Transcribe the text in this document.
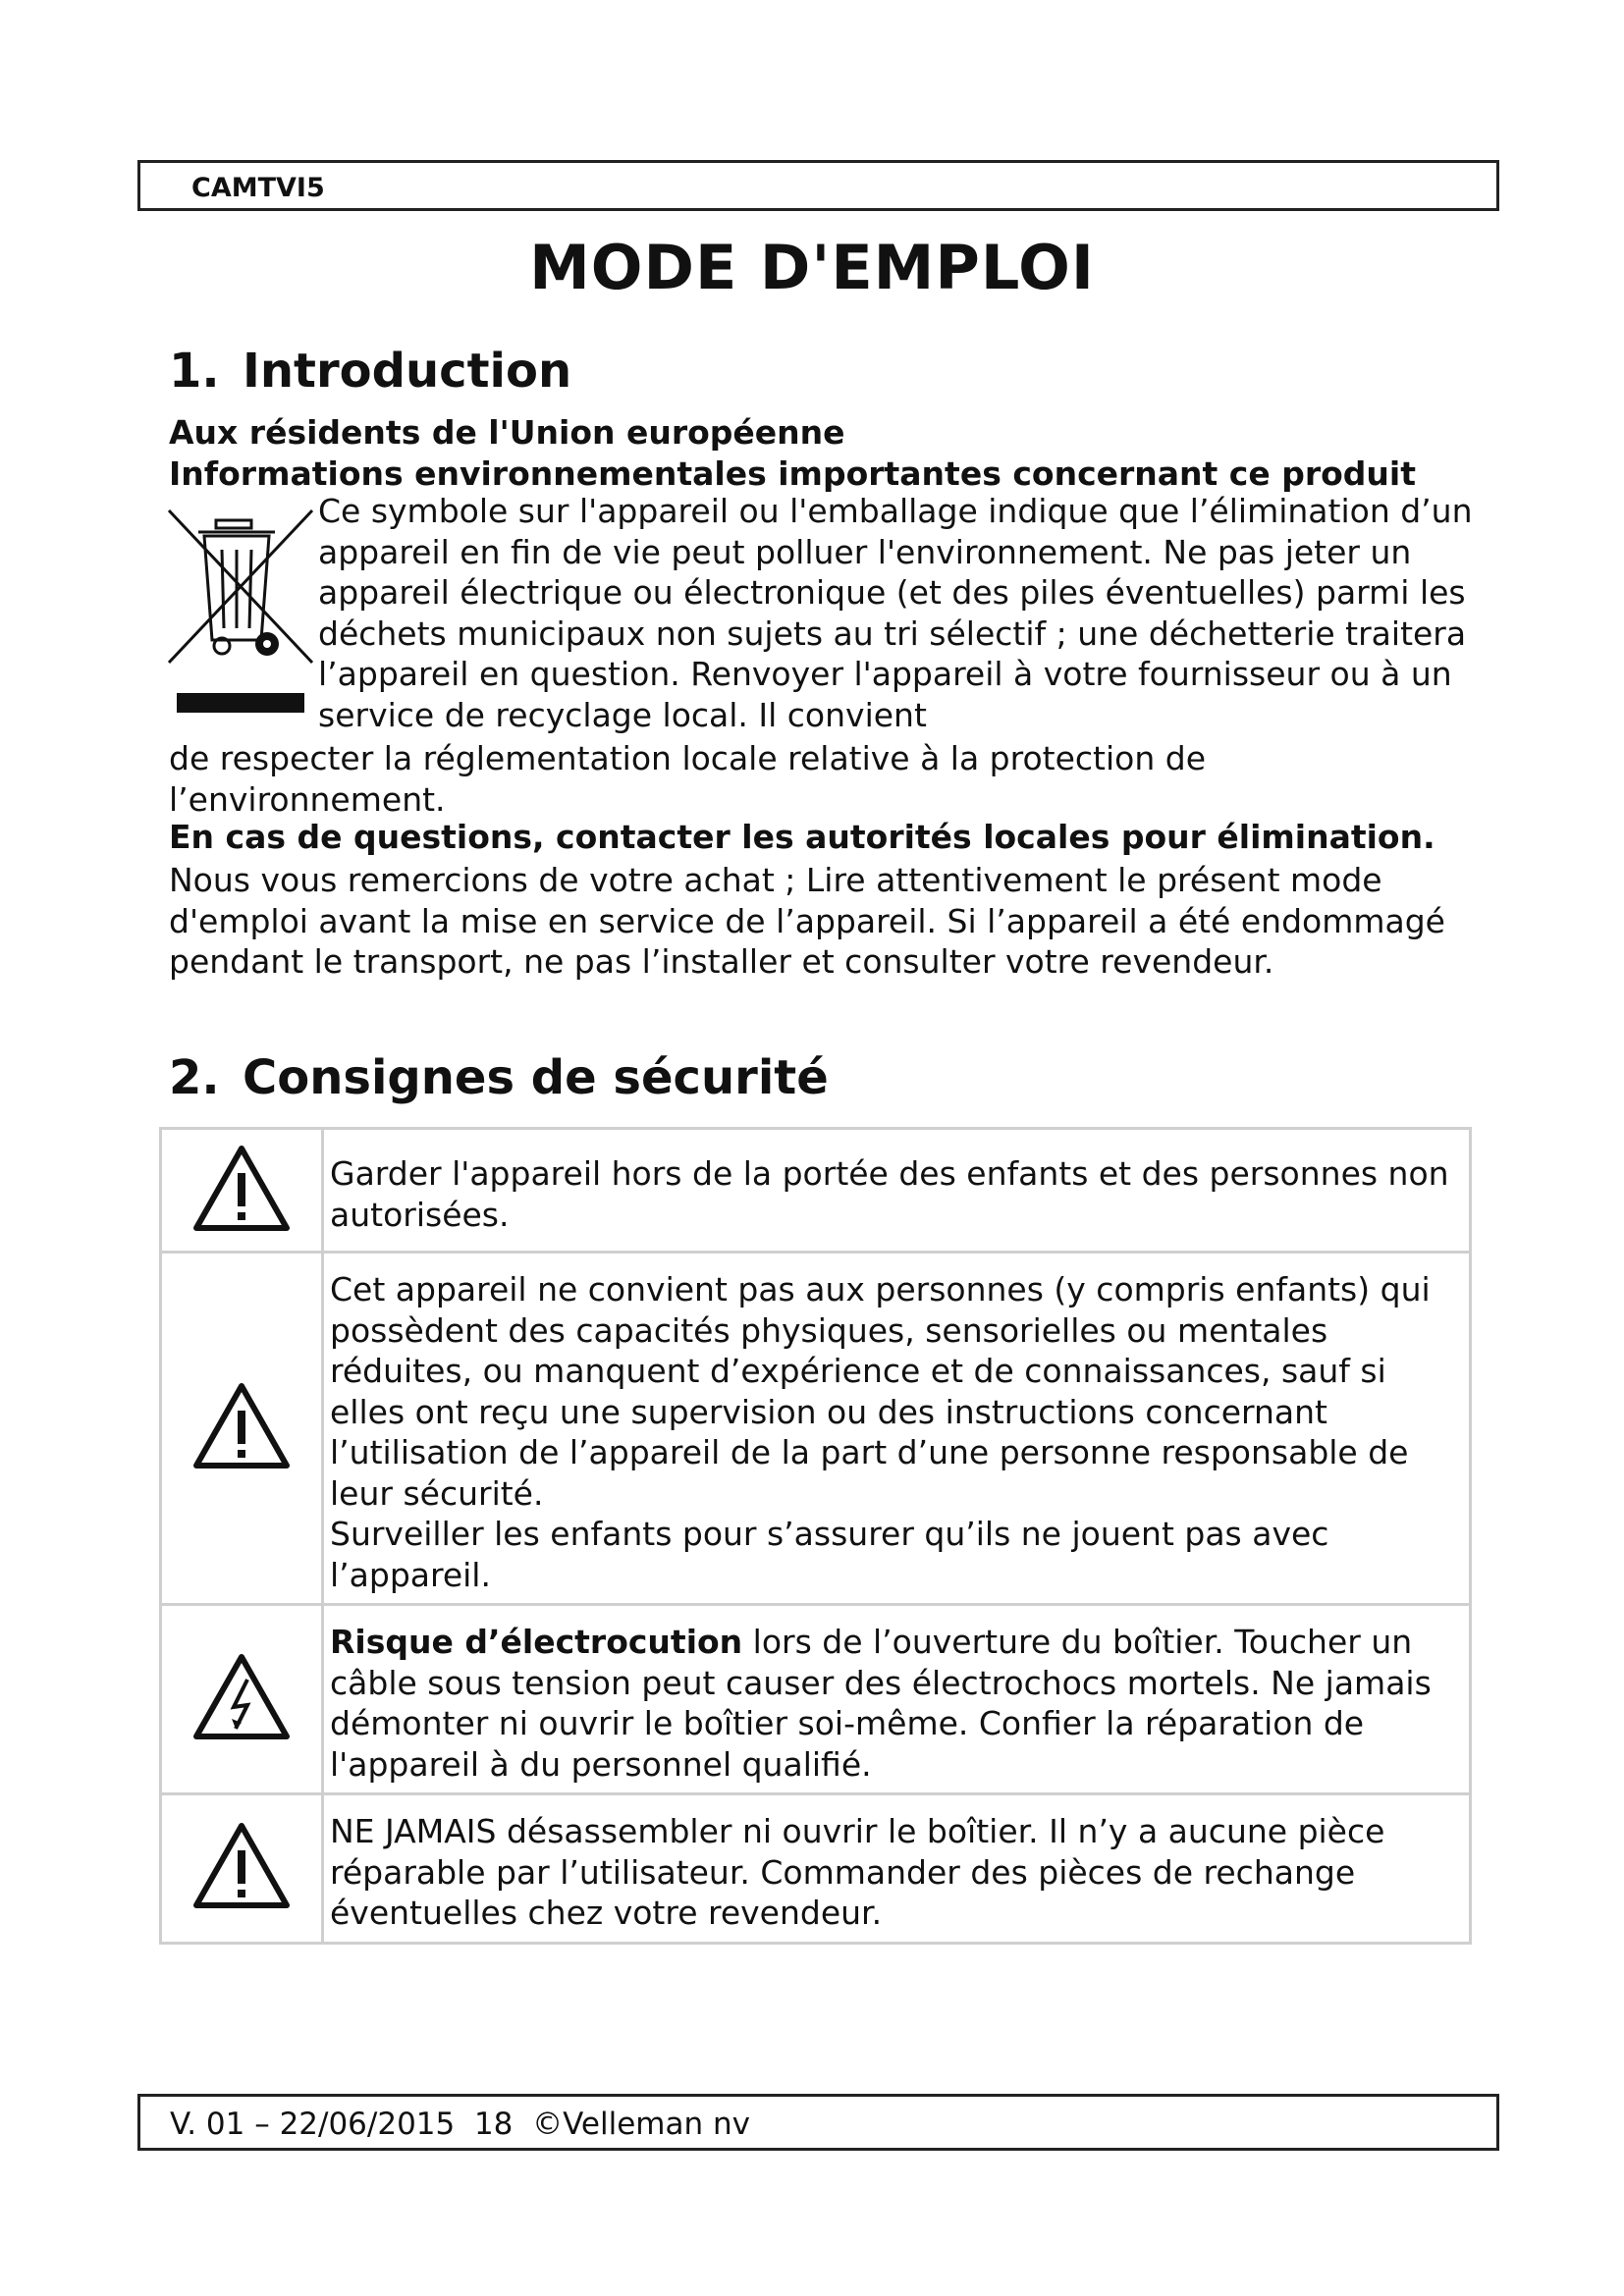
CAMTVI5
MODE D'EMPLOI
1. Introduction
Aux résidents de l'Union européenne
Informations environnementales importantes concernant ce produit
Ce symbole sur l'appareil ou l'emballage indique que l’élimination d’un appareil en fin de vie peut polluer l'environnement. Ne pas jeter un appareil électrique ou électronique (et des piles éventuelles) parmi les déchets municipaux non sujets au tri sélectif ; une déchetterie traitera l’appareil en question. Renvoyer l'appareil à votre fournisseur ou à un service de recyclage local. Il convient
de respecter la réglementation locale relative à la protection de l’environnement.
En cas de questions, contacter les autorités locales pour élimination.
Nous vous remercions de votre achat ; Lire attentivement le présent mode d'emploi avant la mise en service de l’appareil. Si l’appareil a été endommagé pendant le transport, ne pas l’installer et consulter votre revendeur.
2. Consignes de sécurité
	Garder l'appareil hors de la portée des enfants et des personnes non autorisées.

Cet appareil ne convient pas aux personnes (y compris enfants) qui possèdent des capacités physiques, sensorielles ou mentales réduites, ou manquent d’expérience et de connaissances, sauf si elles ont reçu une supervision ou des instructions concernant l’utilisation de l’appareil de la part d’une personne responsable de leur sécurité.
Surveiller les enfants pour s’assurer qu’ils ne jouent pas avec l’appareil.

	Risque d’électrocution lors de l’ouverture du boîtier. Toucher un câble sous tension peut causer des électrochocs mortels. Ne jamais démonter ni ouvrir le boîtier soi-même. Confier la réparation de l'appareil à du personnel qualifié.
	NE JAMAIS désassembler ni ouvrir le boîtier. Il n’y a aucune pièce réparable par l’utilisateur. Commander des pièces de rechange éventuelles chez votre revendeur.
V. 01 – 22/06/2015  18  ©Velleman nv
